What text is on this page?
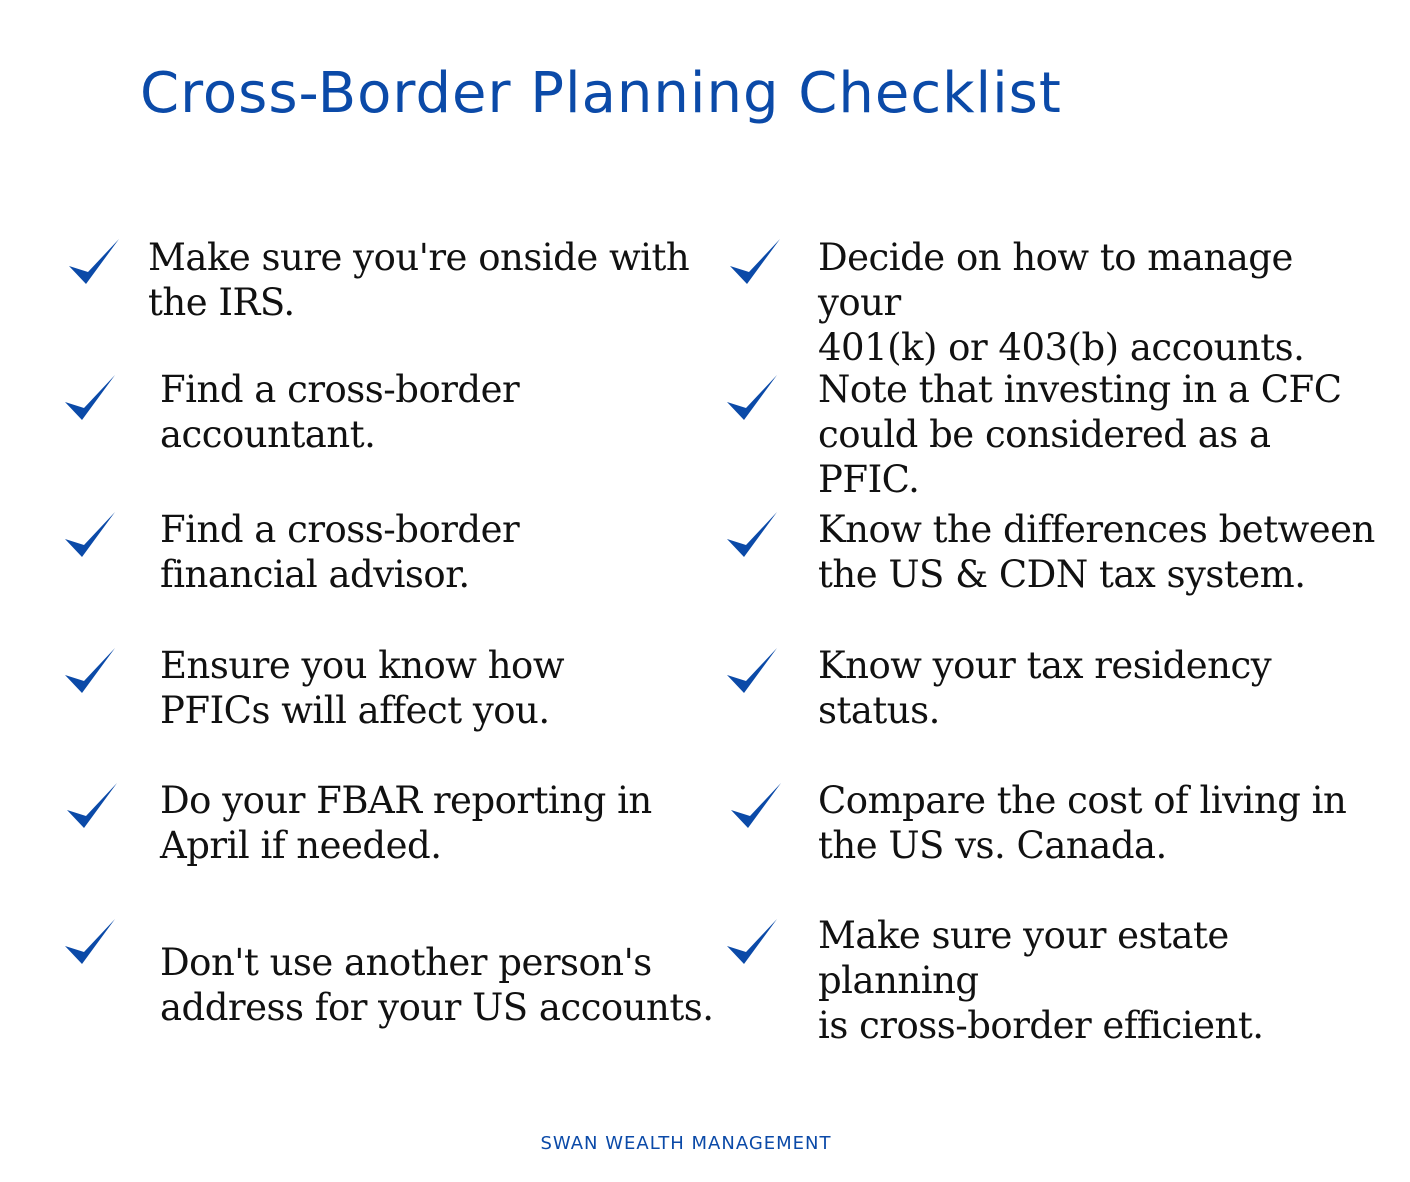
Cross-Border Planning Checklist

Make sure you're onside with
the IRS.

Find a cross-border
accountant.

Find a cross-border
financial advisor.

Ensure you know how
PFICs will affect you.

Do your FBAR reporting in
April if needed.

Don't use another person's
address for your US accounts.

Decide on how to manage your
401(k) or 403(b) accounts.

Note that investing in a CFC
could be considered as a PFIC.

Know the differences between
the US & CDN tax system.

Know your tax residency
status.

Compare the cost of living in
the US vs. Canada.

Make sure your estate planning
is cross-border efficient.

SWAN WEALTH MANAGEMENT
